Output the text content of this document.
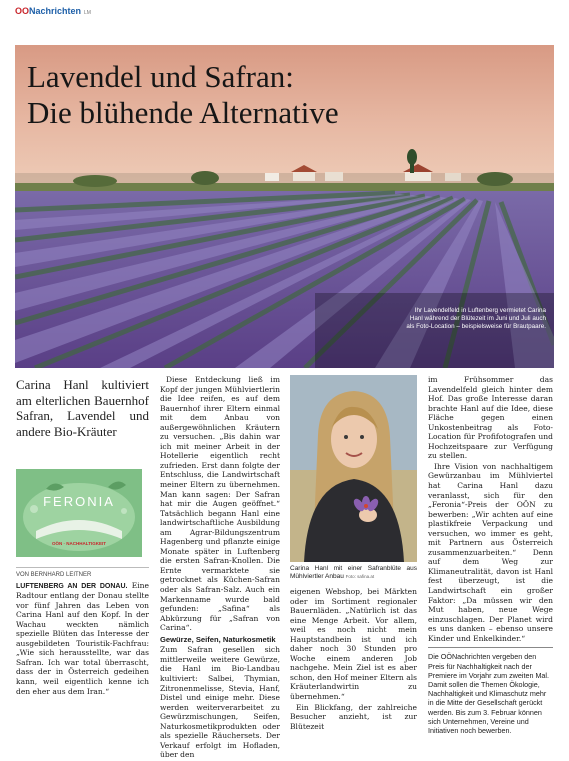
OONachrichten LM
Lavendel und Safran:
Die blühende Alternative
Ihr Lavendelfeld in Luftenberg vermietet Carina Hanl während der Blütezeit im Juni und Juli auch als Foto-Location – beispielsweise für Brautpaare.
Carina Hanl kultiviert am elterlichen Bauernhof Safran, Lavendel und andere Bio-Kräuter
FERONIA
OÖN · NACHHALTIGKEIT
VON BERNHARD LEITNER

LUFTENBERG AN DER DONAU. Eine Radtour entlang der Donau stellte vor fünf Jahren das Leben von Carina Hanl auf den Kopf. In der Wachau weckten nämlich spezielle Blüten das Interesse der ausgebildeten Touristik-Fachfrau: „Wie sich herausstellte, war das Safran. Ich war total überrascht, dass der in Österreich gedeihen kann, weil eigentlich kenne ich den eher aus dem Iran.“

Diese Entdeckung ließ im Kopf der jungen Mühlviertlerin die Idee reifen, es auf dem Bauernhof ihrer Eltern einmal mit dem Anbau von außergewöhnlichen Kräutern zu versuchen. „Bis dahin war ich mit meiner Arbeit in der Hotellerie eigentlich recht zufrieden. Erst dann folgte der Entschluss, die Landwirtschaft meiner Eltern zu übernehmen. Man kann sagen: Der Safran hat mir die Augen geöffnet.“ Tatsächlich begann Hanl eine landwirtschaftliche Ausbildung am Agrar-Bildungszentrum Hagenberg und pflanzte einige Monate später in Luftenberg die ersten Safran-Knollen. Die Ernte vermarktete sie getrocknet als Küchen-Safran oder als Safran-Salz. Auch ein Markenname wurde bald gefunden: „Safina“ als Abkürzung für „Safran von Carina“.

Gewürze, Seifen, Naturkosmetik

Zum Safran gesellen sich mittlerweile weitere Gewürze, die Hanl im Bio-Landbau kultiviert: Salbei, Thymian, Zitronenmelisse, Stevia, Hanf, Distel und einige mehr. Diese werden weiterverarbeitet zu Gewürzmischungen, Seifen, Naturkosmetikprodukten oder als spezielle Räuchersets. Der Verkauf erfolgt im Hofladen, über den

Carina Hanl mit einer Safranblüte aus Mühlviertler Anbau Foto: safina.at

eigenen Webshop, bei Märkten oder im Sortiment regionaler Bauernläden. „Natürlich ist das eine Menge Arbeit. Vor allem, weil es noch nicht mein Hauptstandbein ist und ich daher noch 30 Stunden pro Woche einem anderen Job nachgehe. Mein Ziel ist es aber schon, den Hof meiner Eltern als Kräuterlandwirtin zu übernehmen.“

Ein Blickfang, der zahlreiche Besucher anzieht, ist zur Blütezeit

im Frühsommer das Lavendelfeld gleich hinter dem Hof. Das große Interesse daran brachte Hanl auf die Idee, diese Fläche gegen einen Unkostenbeitrag als Foto-Location für Profifotografen und Hochzeitspaare zur Verfügung zu stellen.

Ihre Vision von nachhaltigem Gewürzanbau im Mühlviertel hat Carina Hanl dazu veranlasst, sich für den „Feronia“-Preis der OÖN zu bewerben: „Wir achten auf eine plastikfreie Verpackung und versuchen, wo immer es geht, mit Partnern aus Österreich zusammenzuarbeiten.“ Denn auf dem Weg zur Klimaneutralität, davon ist Hanl fest überzeugt, ist die Landwirtschaft ein großer Faktor: „Da müssen wir den Mut haben, neue Wege einzuschlagen. Der Planet wird es uns danken – ebenso unsere Kinder und Enkelkinder.“

Die OÖNachrichten vergeben den Preis für Nachhaltigkeit nach der Premiere im Vorjahr zum zweiten Mal. Damit sollen die Themen Ökologie, Nachhaltigkeit und Klimaschutz mehr in die Mitte der Gesellschaft gerückt werden. Bis zum 3. Februar können sich Unternehmen, Vereine und Initiativen noch bewerben.
